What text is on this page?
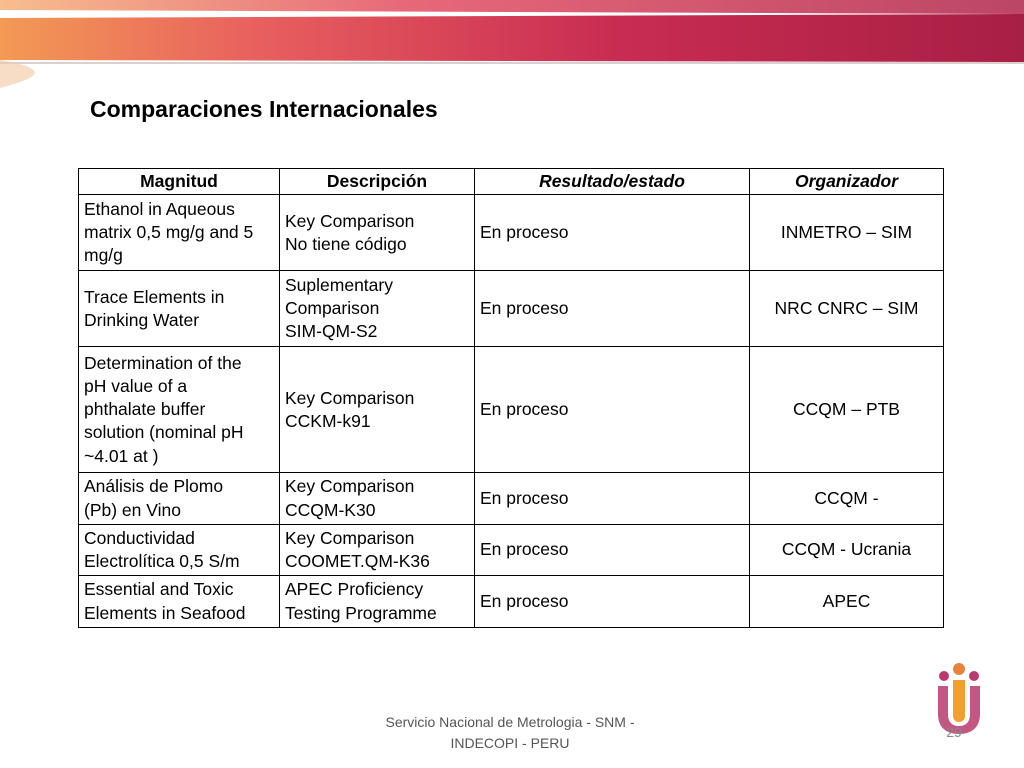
Comparaciones Internacionales
Magnitud	Descripción	Resultado/estado	Organizador

Ethanol in Aqueous
matrix 0,5 mg/g and 5
mg/g	Key Comparison
No tiene código	En proceso	INMETRO – SIM

Trace Elements in
Drinking Water	Suplementary
Comparison
SIM-QM-S2	En proceso	NRC CNRC – SIM

Determination of the
pH value of a
phthalate buffer
solution (nominal pH
~4.01 at )	Key Comparison
CCKM-k91	En proceso	CCQM – PTB

Análisis de Plomo
(Pb) en Vino	Key Comparison
CCQM-K30	En proceso	CCQM -

Conductividad
Electrolítica 0,5 S/m	Key Comparison
COOMET.QM-K36	En proceso	CCQM - Ucrania

Essential and Toxic
Elements in Seafood	APEC Proficiency
Testing Programme	En proceso	APEC
Servicio Nacional de Metrologia - SNM -
INDECOPI - PERU
29
